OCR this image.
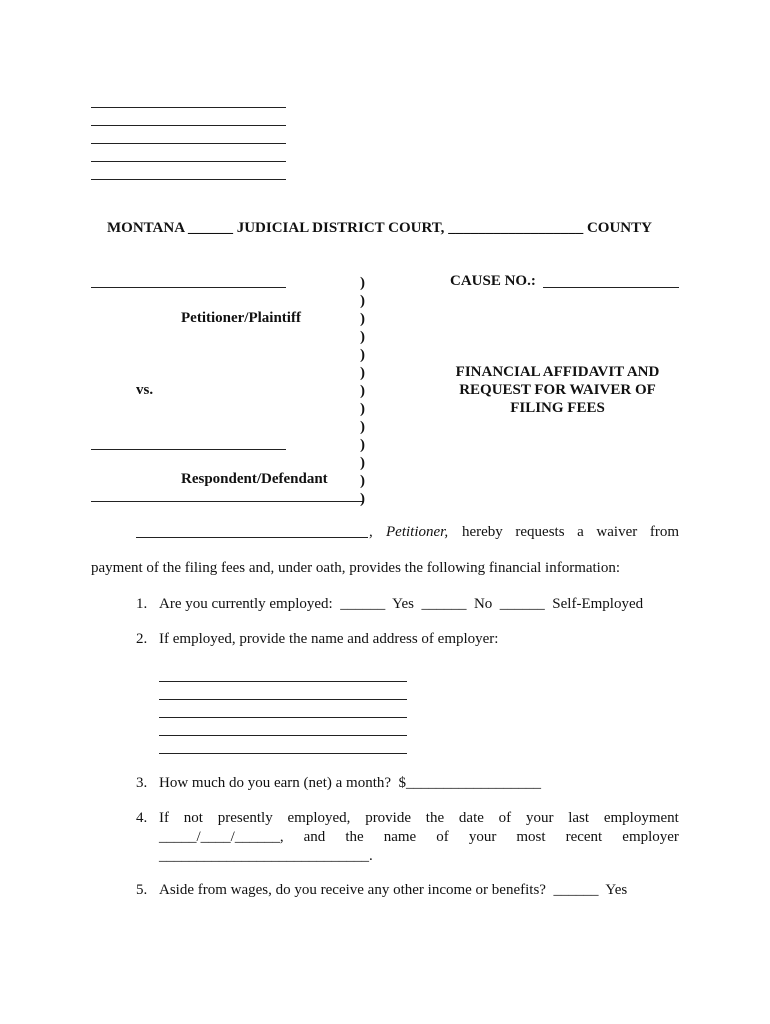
MONTANA ______ JUDICIAL DISTRICT COURT, __________________ COUNTY
Petitioner/Plaintiff
vs.
Respondent/Defendant
)
)
)
)
)
)
)
)
)
)
)
)
)
CAUSE NO.:
FINANCIAL AFFIDAVIT AND
REQUEST FOR WAIVER OF
FILING FEES
, Petitioner, hereby requests a waiver from
payment of the filing fees and, under oath, provides the following financial information:
1. Are you currently employed:  ______  Yes  ______  No  ______  Self-Employed
2. If employed, provide the name and address of employer:
3. How much do you earn (net) a month?  $__________________
4. If not presently employed, provide the date of your last employment
_____/____/______, and the name of your most recent employer
____________________________.
5. Aside from wages, do you receive any other income or benefits?  ______  Yes
